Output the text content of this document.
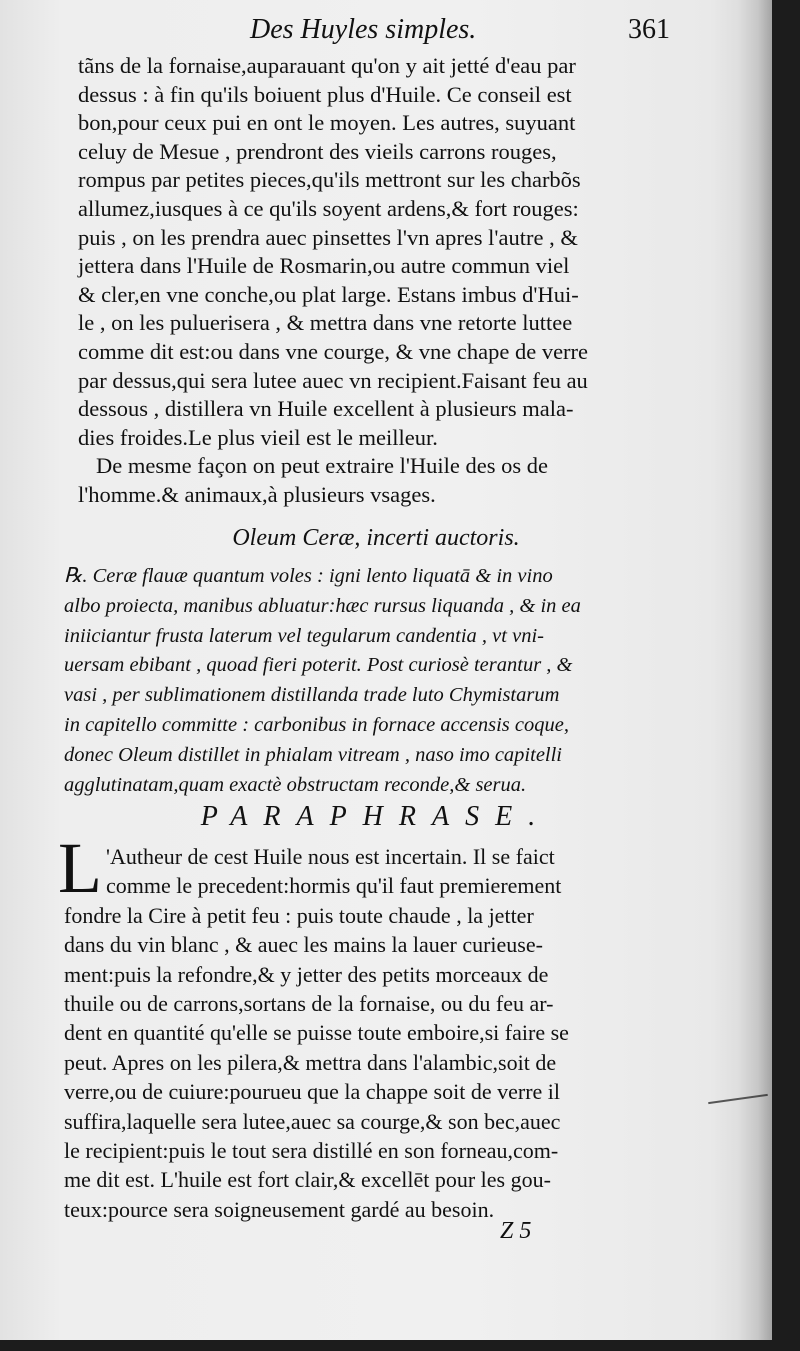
Des Huyles simples.	361
tãns de la fornaise,auparauant qu'on y ait jetté d'eau par
dessus : à fin qu'ils boiuent plus d'Huile. Ce conseil est
bon,pour ceux pui en ont le moyen. Les autres, suyuant
celuy de Mesue , prendront des vieils carrons rouges,
rompus par petites pieces,qu'ils mettront sur les charbõs
allumez,iusques à ce qu'ils soyent ardens,& fort rouges:
puis , on les prendra auec pinsettes l'vn apres l'autre , &
jettera dans l'Huile de Rosmarin,ou autre commun viel
& cler,en vne conche,ou plat large. Estans imbus d'Hui-
le , on les puluerisera , & mettra dans vne retorte luttee
comme dit est:ou dans vne courge, & vne chape de verre
par dessus,qui sera lutee auec vn recipient.Faisant feu au
dessous , distillera vn Huile excellent à plusieurs mala-
dies froides.Le plus vieil est le meilleur.
De mesme façon on peut extraire l'Huile des os de
l'homme.& animaux,à plusieurs vsages.
Oleum Ceræ, incerti auctoris.
℞. Ceræ flauæ quantum voles : igni lento liquatā & in vino
albo proiecta, manibus abluatur:hæc rursus liquanda , & in ea
iniiciantur frusta laterum vel tegularum candentia , vt vni-
uersam ebibant , quoad fieri poterit. Post curiosè terantur , &
vasi , per sublimationem distillanda trade luto Chymistarum
in capitello committe : carbonibus in fornace accensis coque,
donec Oleum distillet in phialam vitream , naso imo capitelli
agglutinatam,quam exactè obstructam reconde,& serua.
PARAPHRASE.
L 'Autheur de cest Huile nous est incertain. Il se faict
comme le precedent:hormis qu'il faut premierement
fondre la Cire à petit feu : puis toute chaude , la jetter
dans du vin blanc , & auec les mains la lauer curieuse-
ment:puis la refondre,& y jetter des petits morceaux de
thuile ou de carrons,sortans de la fornaise, ou du feu ar-
dent en quantité qu'elle se puisse toute emboire,si faire se
peut. Apres on les pilera,& mettra dans l'alambic,soit de
verre,ou de cuiure:pourueu que la chappe soit de verre il
suffira,laquelle sera lutee,auec sa courge,& son bec,auec
le recipient:puis le tout sera distillé en son forneau,com-
me dit est. L'huile est fort clair,& excellēt pour les gou-
teux:pource sera soigneusement gardé au besoin.
Z 5
